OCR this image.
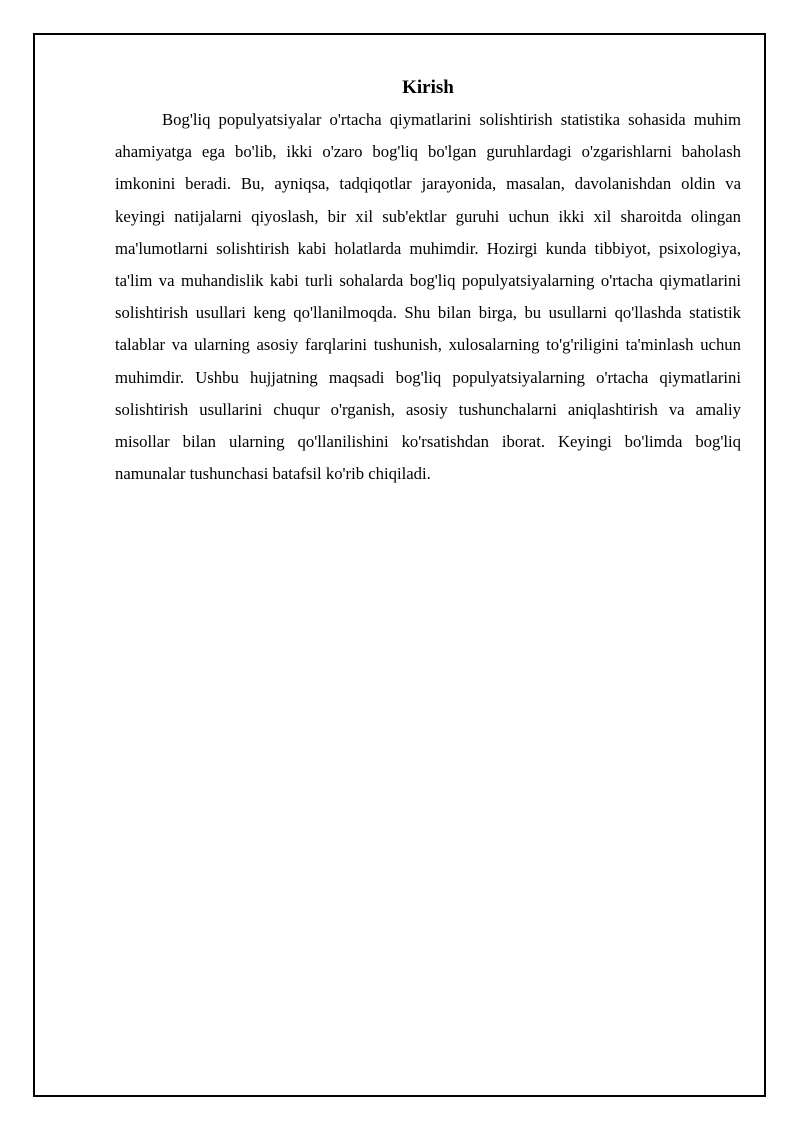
Kirish

Bog'liq populyatsiyalar o'rtacha qiymatlarini solishtirish statistika sohasida muhim ahamiyatga ega bo'lib, ikki o'zaro bog'liq bo'lgan guruhlardagi o'zgarishlarni baholash imkonini beradi. Bu, ayniqsa, tadqiqotlar jarayonida, masalan, davolanishdan oldin va keyingi natijalarni qiyoslash, bir xil sub'ektlar guruhi uchun ikki xil sharoitda olingan ma'lumotlarni solishtirish kabi holatlarda muhimdir. Hozirgi kunda tibbiyot, psixologiya, ta'lim va muhandislik kabi turli sohalarda bog'liq populyatsiyalarning o'rtacha qiymatlarini solishtirish usullari keng qo'llanilmoqda. Shu bilan birga, bu usullarni qo'llashda statistik talablar va ularning asosiy farqlarini tushunish, xulosalarning to'g'riligini ta'minlash uchun muhimdir. Ushbu hujjatning maqsadi bog'liq populyatsiyalarning o'rtacha qiymatlarini solishtirish usullarini chuqur o'rganish, asosiy tushunchalarni aniqlashtirish va amaliy misollar bilan ularning qo'llanilishini ko'rsatishdan iborat. Keyingi bo'limda bog'liq namunalar tushunchasi batafsil ko'rib chiqiladi.
